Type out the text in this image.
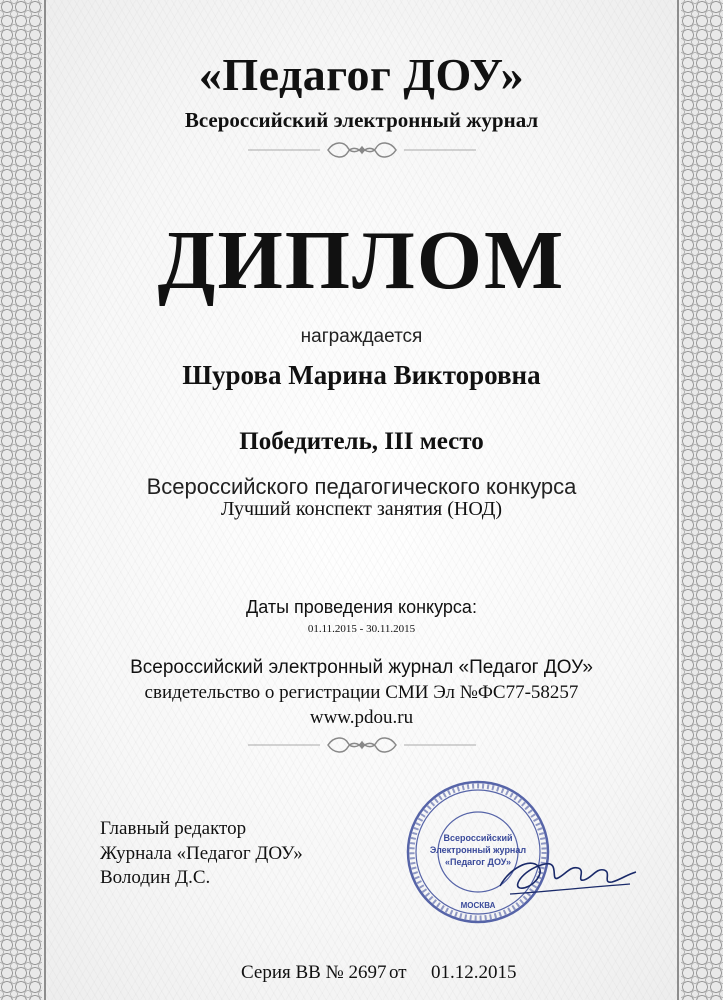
«Педагог ДОУ»
Всероссийский электронный журнал
ДИПЛОМ
награждается
Шурова Марина Викторовна
Победитель, III место
Всероссийского педагогического конкурса
Лучший конспект занятия (НОД)
Даты проведения конкурса:
01.11.2015 - 30.11.2015
Всероссийский электронный журнал «Педагог ДОУ»
свидетельство о регистрации СМИ Эл №ФС77-58257
www.pdou.ru
Главный редактор
Журнала «Педагог ДОУ»
Володин Д.С.
Всероссийский
Электронный журнал
«Педагог ДОУ»
МОСКВА
Серия ВВ № 2697 от 01.12.2015
